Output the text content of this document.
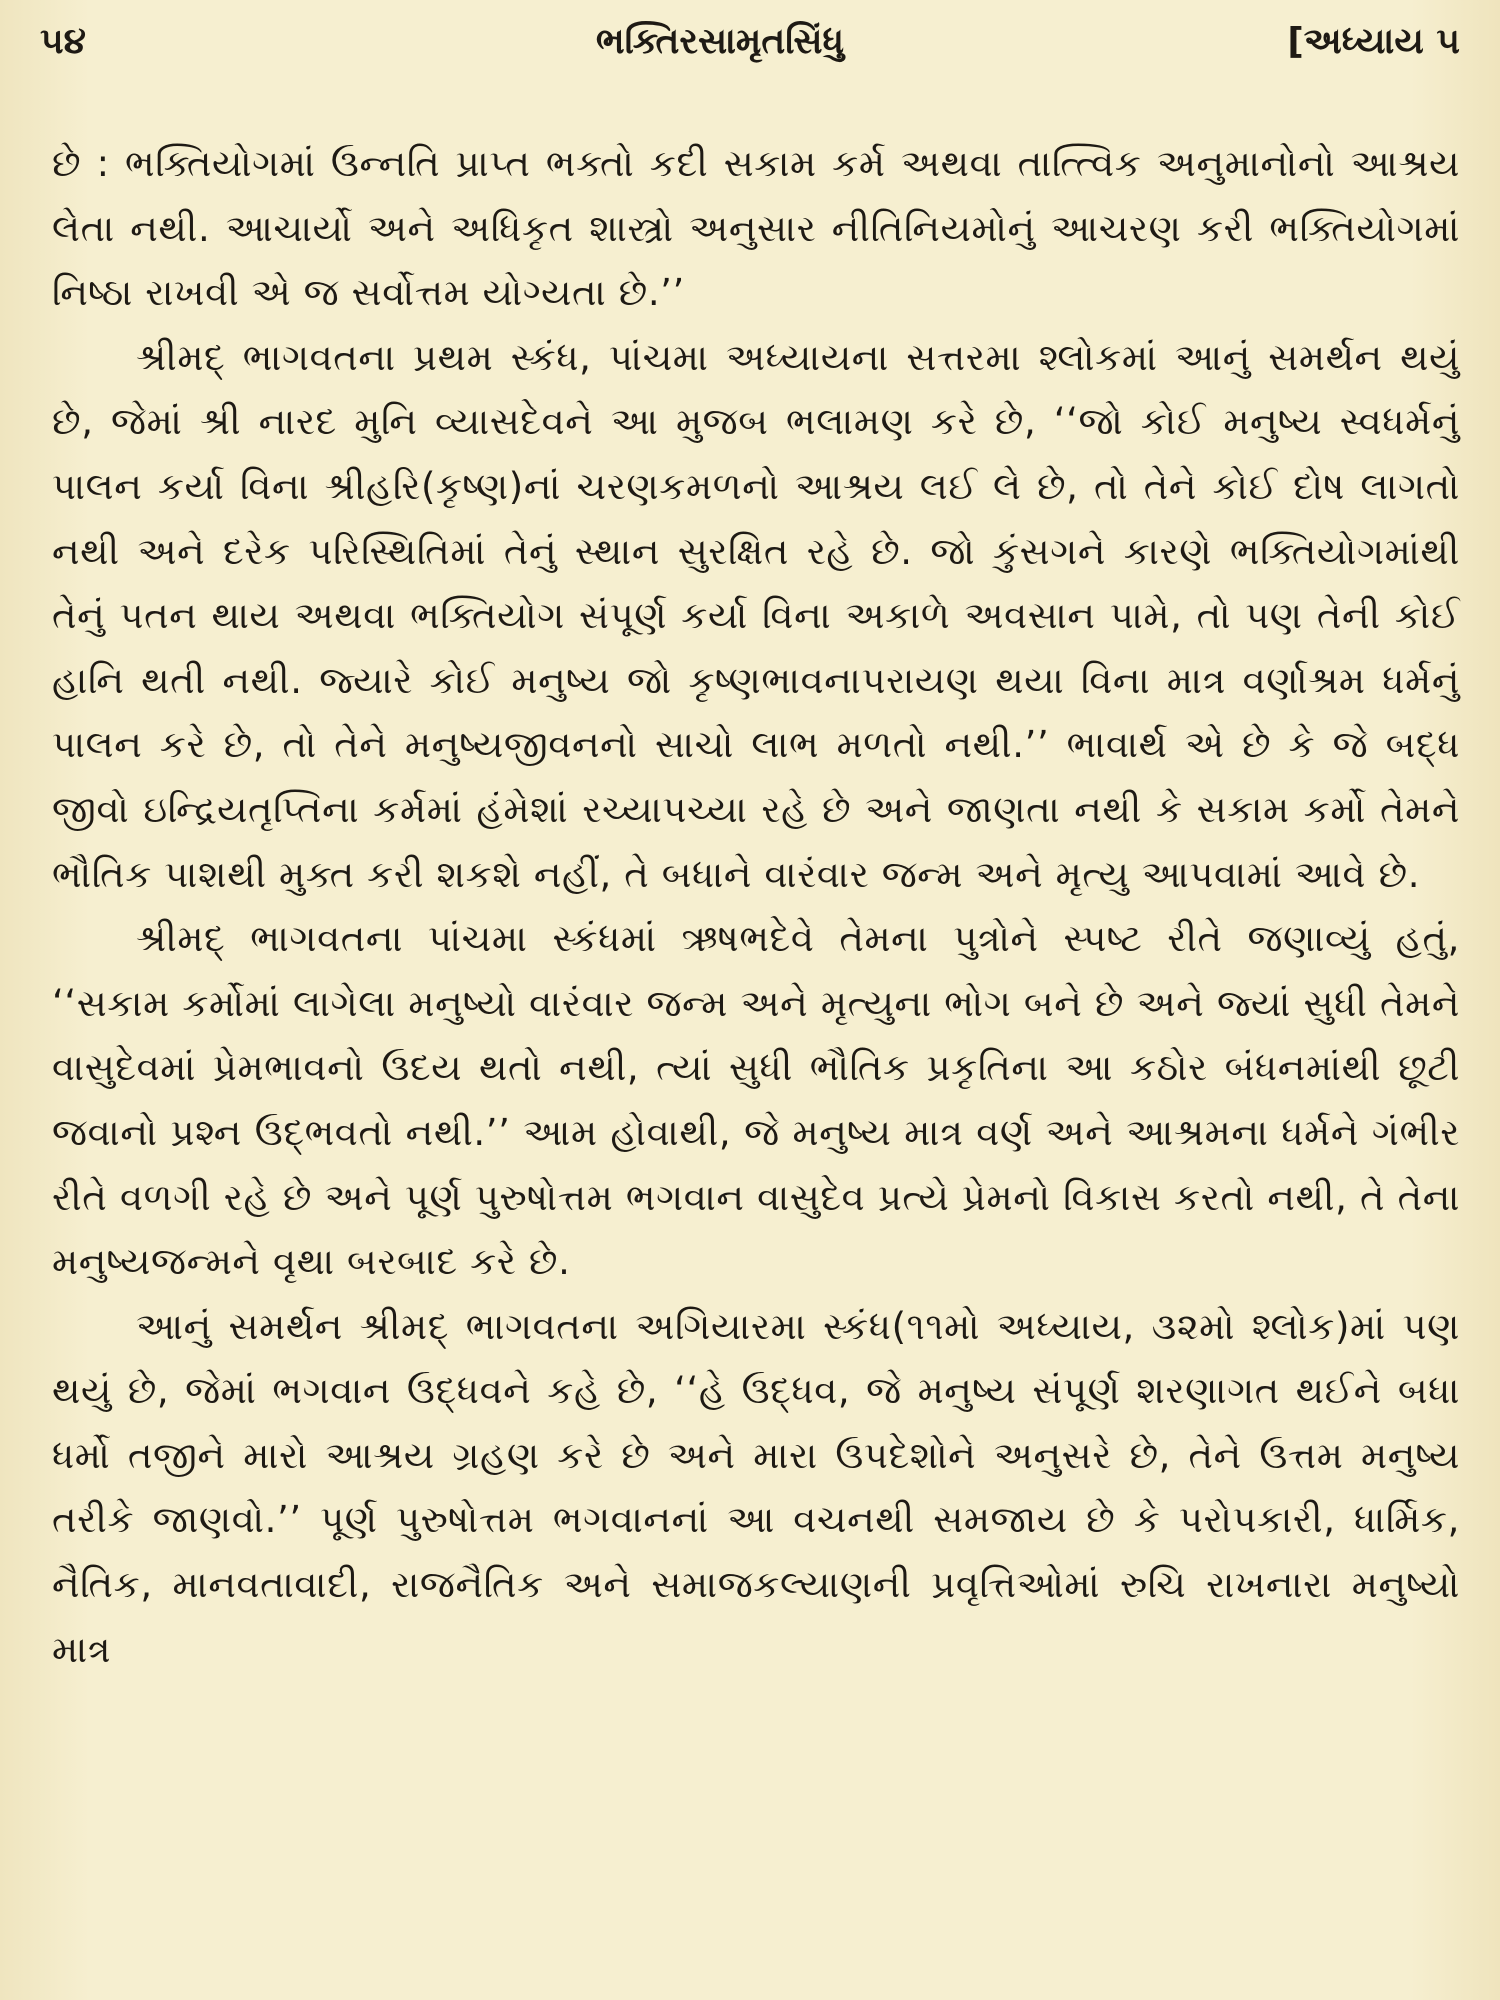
૫૪	ભક્તિરસામૃતસિંધુ	[અધ્યાય ૫

છે : ભક્તિયોગમાં ઉન્નતિ પ્રાપ્ત ભક્તો કદી સકામ કર્મ અથવા તાત્ત્વિક અનુમાનોનો આશ્રય લેતા નથી. આચાર્યો અને અધિકૃત શાસ્ત્રો અનુસાર નીતિનિયમોનું આચરણ કરી ભક્તિયોગમાં નિષ્ઠા રાખવી એ જ સર્વોત્તમ યોગ્યતા છે.’’

શ્રીમદ્ ભાગવતના પ્રથમ સ્કંધ, પાંચમા અધ્યાયના સત્તરમા શ્લોકમાં આનું સમર્થન થયું છે, જેમાં શ્રી નારદ મુનિ વ્યાસદેવને આ મુજબ ભલામણ કરે છે, ‘‘જો કોઈ મનુષ્ય સ્વધર્મનું પાલન કર્યા વિના શ્રીહરિ(કૃષ્ણ)નાં ચરણકમળનો આશ્રય લઈ લે છે, તો તેને કોઈ દોષ લાગતો નથી અને દરેક પરિસ્થિતિમાં તેનું સ્થાન સુરક્ષિત રહે છે. જો કુંસગને કારણે ભક્તિયોગમાંથી તેનું પતન થાય અથવા ભક્તિયોગ સંપૂર્ણ કર્યા વિના અકાળે અવસાન પામે, તો પણ તેની કોઈ હાનિ થતી નથી. જ્યારે કોઈ મનુષ્ય જો કૃષ્ણભાવનાપરાયણ થયા વિના માત્ર વર્ણાશ્રમ ધર્મનું પાલન કરે છે, તો તેને મનુષ્યજીવનનો સાચો લાભ મળતો નથી.’’ ભાવાર્થ એ છે કે જે બદ્ધ જીવો ઇન્દ્રિયતૃપ્તિના કર્મમાં હંમેશાં રચ્યાપચ્યા રહે છે અને જાણતા નથી કે સકામ કર્મો તેમને ભૌતિક પાશથી મુક્ત કરી શકશે નહીં, તે બધાને વારંવાર જન્મ અને મૃત્યુ આપવામાં આવે છે.

શ્રીમદ્ ભાગવતના પાંચમા સ્કંધમાં ઋષભદેવે તેમના પુત્રોને સ્પષ્ટ રીતે જણાવ્યું હતું, ‘‘સકામ કર્મોમાં લાગેલા મનુષ્યો વારંવાર જન્મ અને મૃત્યુના ભોગ બને છે અને જ્યાં સુધી તેમને વાસુદેવમાં પ્રેમભાવનો ઉદય થતો નથી, ત્યાં સુધી ભૌતિક પ્રકૃતિના આ કઠોર બંધનમાંથી છૂટી જવાનો પ્રશ્ન ઉદ્ભવતો નથી.’’ આમ હોવાથી, જે મનુષ્ય માત્ર વર્ણ અને આશ્રમના ધર્મને ગંભીર રીતે વળગી રહે છે અને પૂર્ણ પુરુષોત્તમ ભગવાન વાસુદેવ પ્રત્યે પ્રેમનો વિકાસ કરતો નથી, તે તેના મનુષ્યજન્મને વૃથા બરબાદ કરે છે.

આનું સમર્થન શ્રીમદ્ ભાગવતના અગિયારમા સ્કંધ(૧૧મો અધ્યાય, ૩૨મો શ્લોક)માં પણ થયું છે, જેમાં ભગવાન ઉદ્ધવને કહે છે, ‘‘હે ઉદ્ધવ, જે મનુષ્ય સંપૂર્ણ શરણાગત થઈને બધા ધર્મો તજીને મારો આશ્રય ગ્રહણ કરે છે અને મારા ઉપદેશોને અનુસરે છે, તેને ઉત્તમ મનુષ્ય તરીકે જાણવો.’’ પૂર્ણ પુરુષોત્તમ ભગવાનનાં આ વચનથી સમજાય છે કે પરોપકારી, ધાર્મિક, નૈતિક, માનવતાવાદી, રાજનૈતિક અને સમાજકલ્યાણની પ્રવૃત્તિઓમાં રુચિ રાખનારા મનુષ્યો માત્ર
